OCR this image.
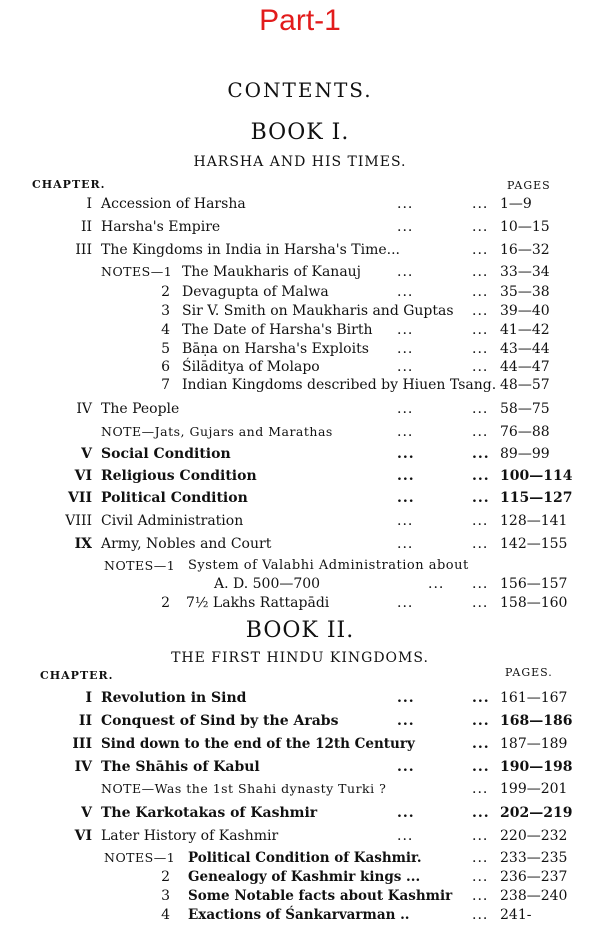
Part-1
CONTENTS.
BOOK I.
HARSHA AND HIS TIMES.
CHAPTER.	PAGES
I Accession of Harsha	...	... 1—9
II Harsha's Empire	...	... 10—15
III The Kingdoms in India in Harsha's Time...	... 16—32
NOTES—1 The Maukharis of Kanauj	...	... 33—34
2 Devagupta of Malwa	...	... 35—38
3 Sir V. Smith on Maukharis and Guptas ... 39—40
4 The Date of Harsha's Birth ...	... 41—42
5 Bāṇa on Harsha's Exploits ...	... 43—44
6 Śilāditya of Molapo	...	... 44—47
7 Indian Kingdoms described by Hiuen Tsang. 48—57
IV The People	...	... 58—75
NOTE—Jats, Gujars and Marathas	...	... 76—88
V Social Condition	...	... 89—99
VI Religious Condition	...	... 100—114
VII Political Condition	...	... 115—127
VIII Civil Administration	...	... 128—141
IX Army, Nobles and Court	...	... 142—155
NOTES—1 System of Valabhi Administration about
A. D. 500—700	... ... 156—157
2 7½ Lakhs Rattapādi	...	... 158—160
BOOK II.
THE FIRST HINDU KINGDOMS.
CHAPTER.	PAGES.
I Revolution in Sind	...	... 161—167
II Conquest of Sind by the Arabs	...	... 168—186
III Sind down to the end of the 12th Century	... 187—189
IV The Shāhis of Kabul	...	... 190—198
NOTE—Was the 1st Shahi dynasty Turki ?	... 199—201
V The Karkotakas of Kashmir	...	... 202—219
VI Later History of Kashmir	...	... 220—232
NOTES—1 Political Condition of Kashmir.	... 233—235
2 Genealogy of Kashmir kings ...	... 236—237
3 Some Notable facts about Kashmir ... 238—240
4 Exactions of Śankarvarman ..	... 241-
